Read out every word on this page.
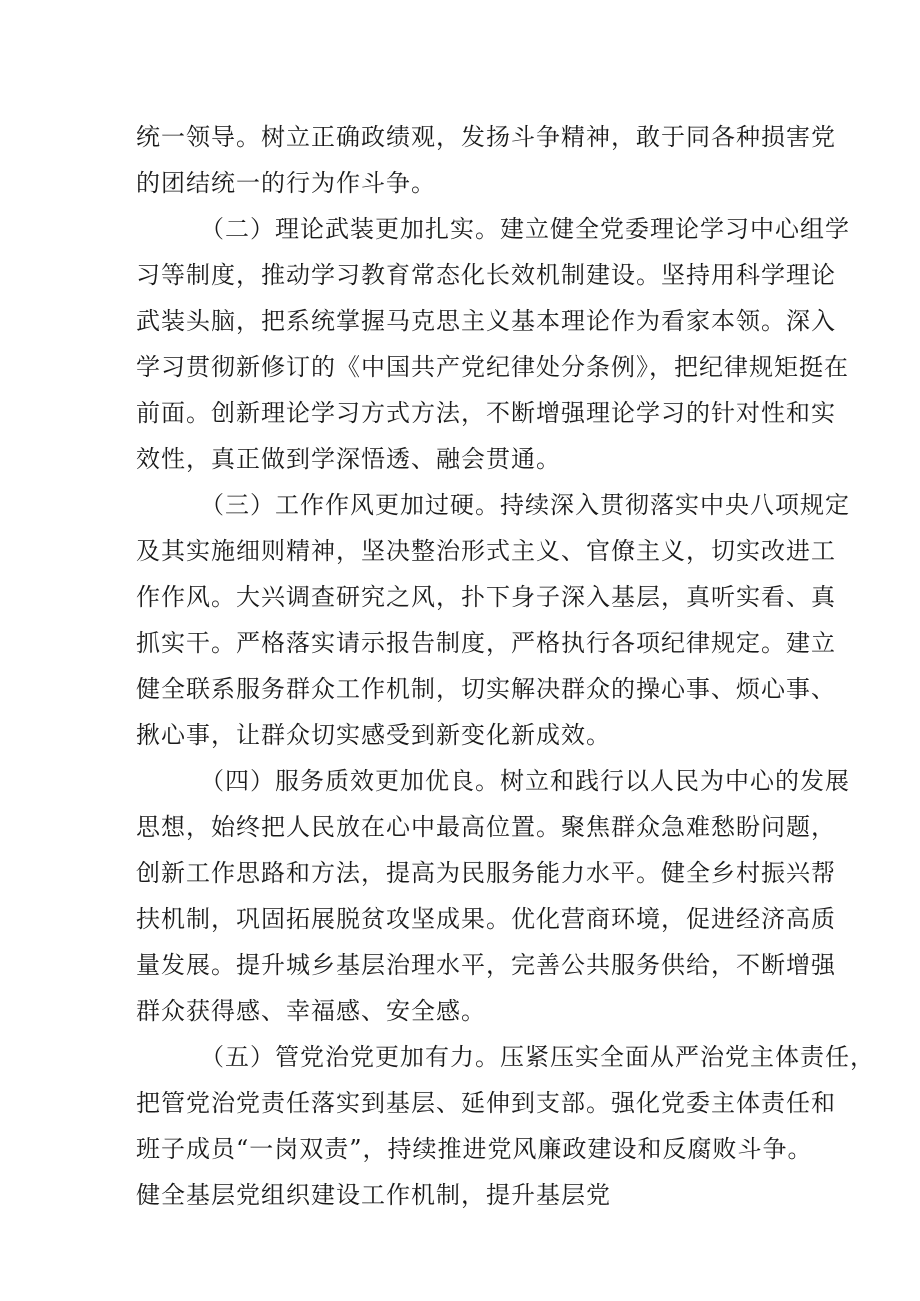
统一领导。树立正确政绩观，发扬斗争精神，敢于同各种损害党
的团结统一的行为作斗争。
（二）理论武装更加扎实。建立健全党委理论学习中心组学
习等制度，推动学习教育常态化长效机制建设。坚持用科学理论
武装头脑，把系统掌握马克思主义基本理论作为看家本领。深入
学习贯彻新修订的《中国共产党纪律处分条例》，把纪律规矩挺在
前面。创新理论学习方式方法，不断增强理论学习的针对性和实
效性，真正做到学深悟透、融会贯通。
（三）工作作风更加过硬。持续深入贯彻落实中央八项规定
及其实施细则精神，坚决整治形式主义、官僚主义，切实改进工
作作风。大兴调查研究之风，扑下身子深入基层，真听实看、真
抓实干。严格落实请示报告制度，严格执行各项纪律规定。建立
健全联系服务群众工作机制，切实解决群众的操心事、烦心事、
揪心事，让群众切实感受到新变化新成效。
（四）服务质效更加优良。树立和践行以人民为中心的发展
思想，始终把人民放在心中最高位置。聚焦群众急难愁盼问题，
创新工作思路和方法，提高为民服务能力水平。健全乡村振兴帮
扶机制，巩固拓展脱贫攻坚成果。优化营商环境，促进经济高质
量发展。提升城乡基层治理水平，完善公共服务供给，不断增强
群众获得感、幸福感、安全感。
（五）管党治党更加有力。压紧压实全面从严治党主体责任，
把管党治党责任落实到基层、延伸到支部。强化党委主体责任和
班子成员“一岗双责”，持续推进党风廉政建设和反腐败斗争。
健全基层党组织建设工作机制，提升基层党
